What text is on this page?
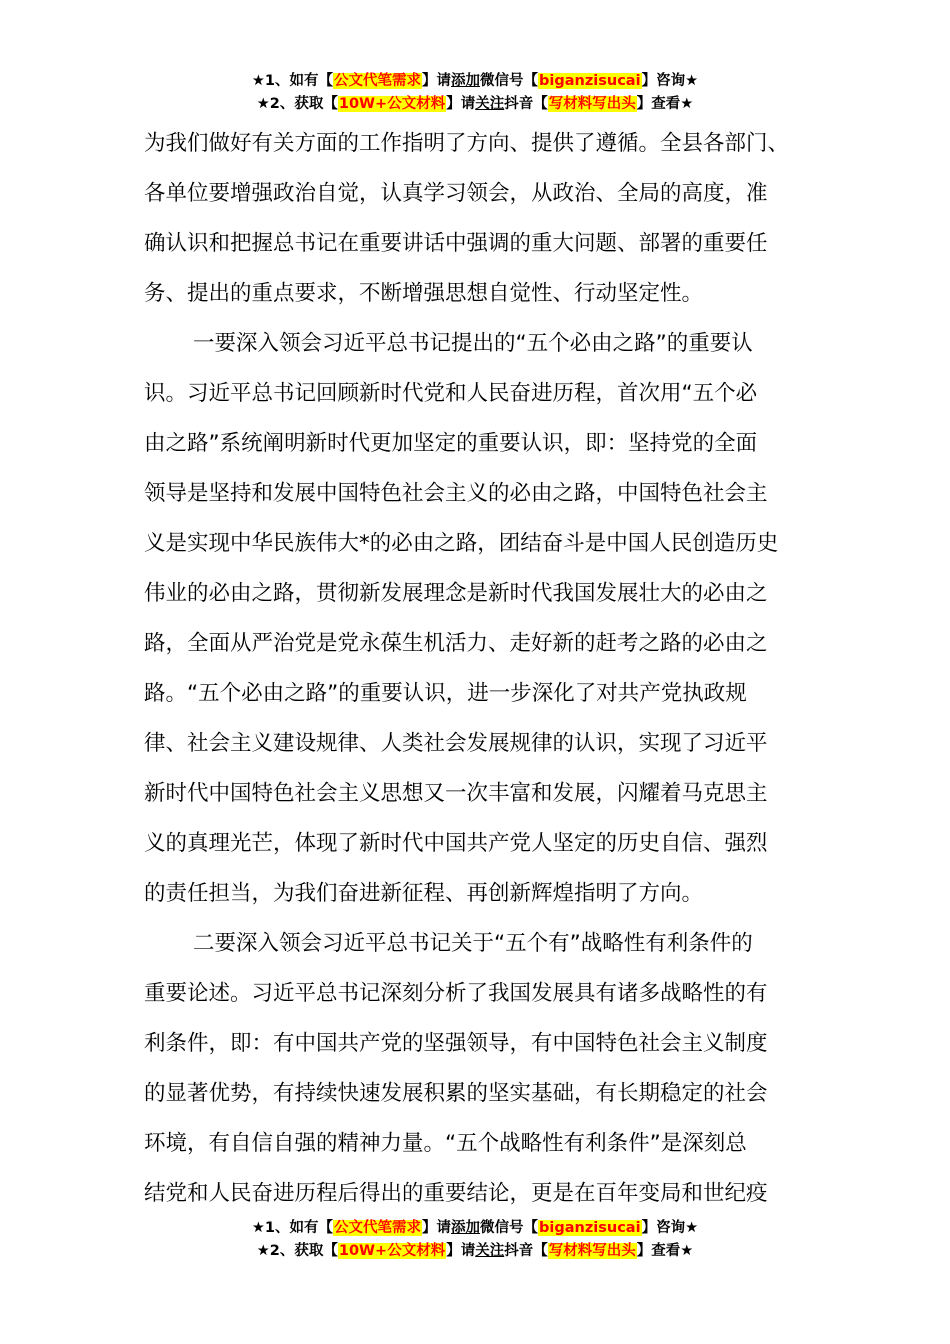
★1、如有【公文代笔需求】请添加微信号【biganzisucai】咨询★
★2、获取【10W+公文材料】请关注抖音【写材料写出头】查看★
为我们做好有关方面的工作指明了方向、提供了遵循。全县各部门、
各单位要增强政治自觉，认真学习领会，从政治、全局的高度，准
确认识和把握总书记在重要讲话中强调的重大问题、部署的重要任
务、提出的重点要求，不断增强思想自觉性、行动坚定性。
一要深入领会习近平总书记提出的“五个必由之路”的重要认
识。习近平总书记回顾新时代党和人民奋进历程，首次用“五个必
由之路”系统阐明新时代更加坚定的重要认识，即：坚持党的全面
领导是坚持和发展中国特色社会主义的必由之路，中国特色社会主
义是实现中华民族伟大*的必由之路，团结奋斗是中国人民创造历史
伟业的必由之路，贯彻新发展理念是新时代我国发展壮大的必由之
路，全面从严治党是党永葆生机活力、走好新的赶考之路的必由之
路。“五个必由之路”的重要认识，进一步深化了对共产党执政规
律、社会主义建设规律、人类社会发展规律的认识，实现了习近平
新时代中国特色社会主义思想又一次丰富和发展，闪耀着马克思主
义的真理光芒，体现了新时代中国共产党人坚定的历史自信、强烈
的责任担当，为我们奋进新征程、再创新辉煌指明了方向。
二要深入领会习近平总书记关于“五个有”战略性有利条件的
重要论述。习近平总书记深刻分析了我国发展具有诸多战略性的有
利条件，即：有中国共产党的坚强领导，有中国特色社会主义制度
的显著优势，有持续快速发展积累的坚实基础，有长期稳定的社会
环境，有自信自强的精神力量。“五个战略性有利条件”是深刻总
结党和人民奋进历程后得出的重要结论，更是在百年变局和世纪疫
★1、如有【公文代笔需求】请添加微信号【biganzisucai】咨询★
★2、获取【10W+公文材料】请关注抖音【写材料写出头】查看★
